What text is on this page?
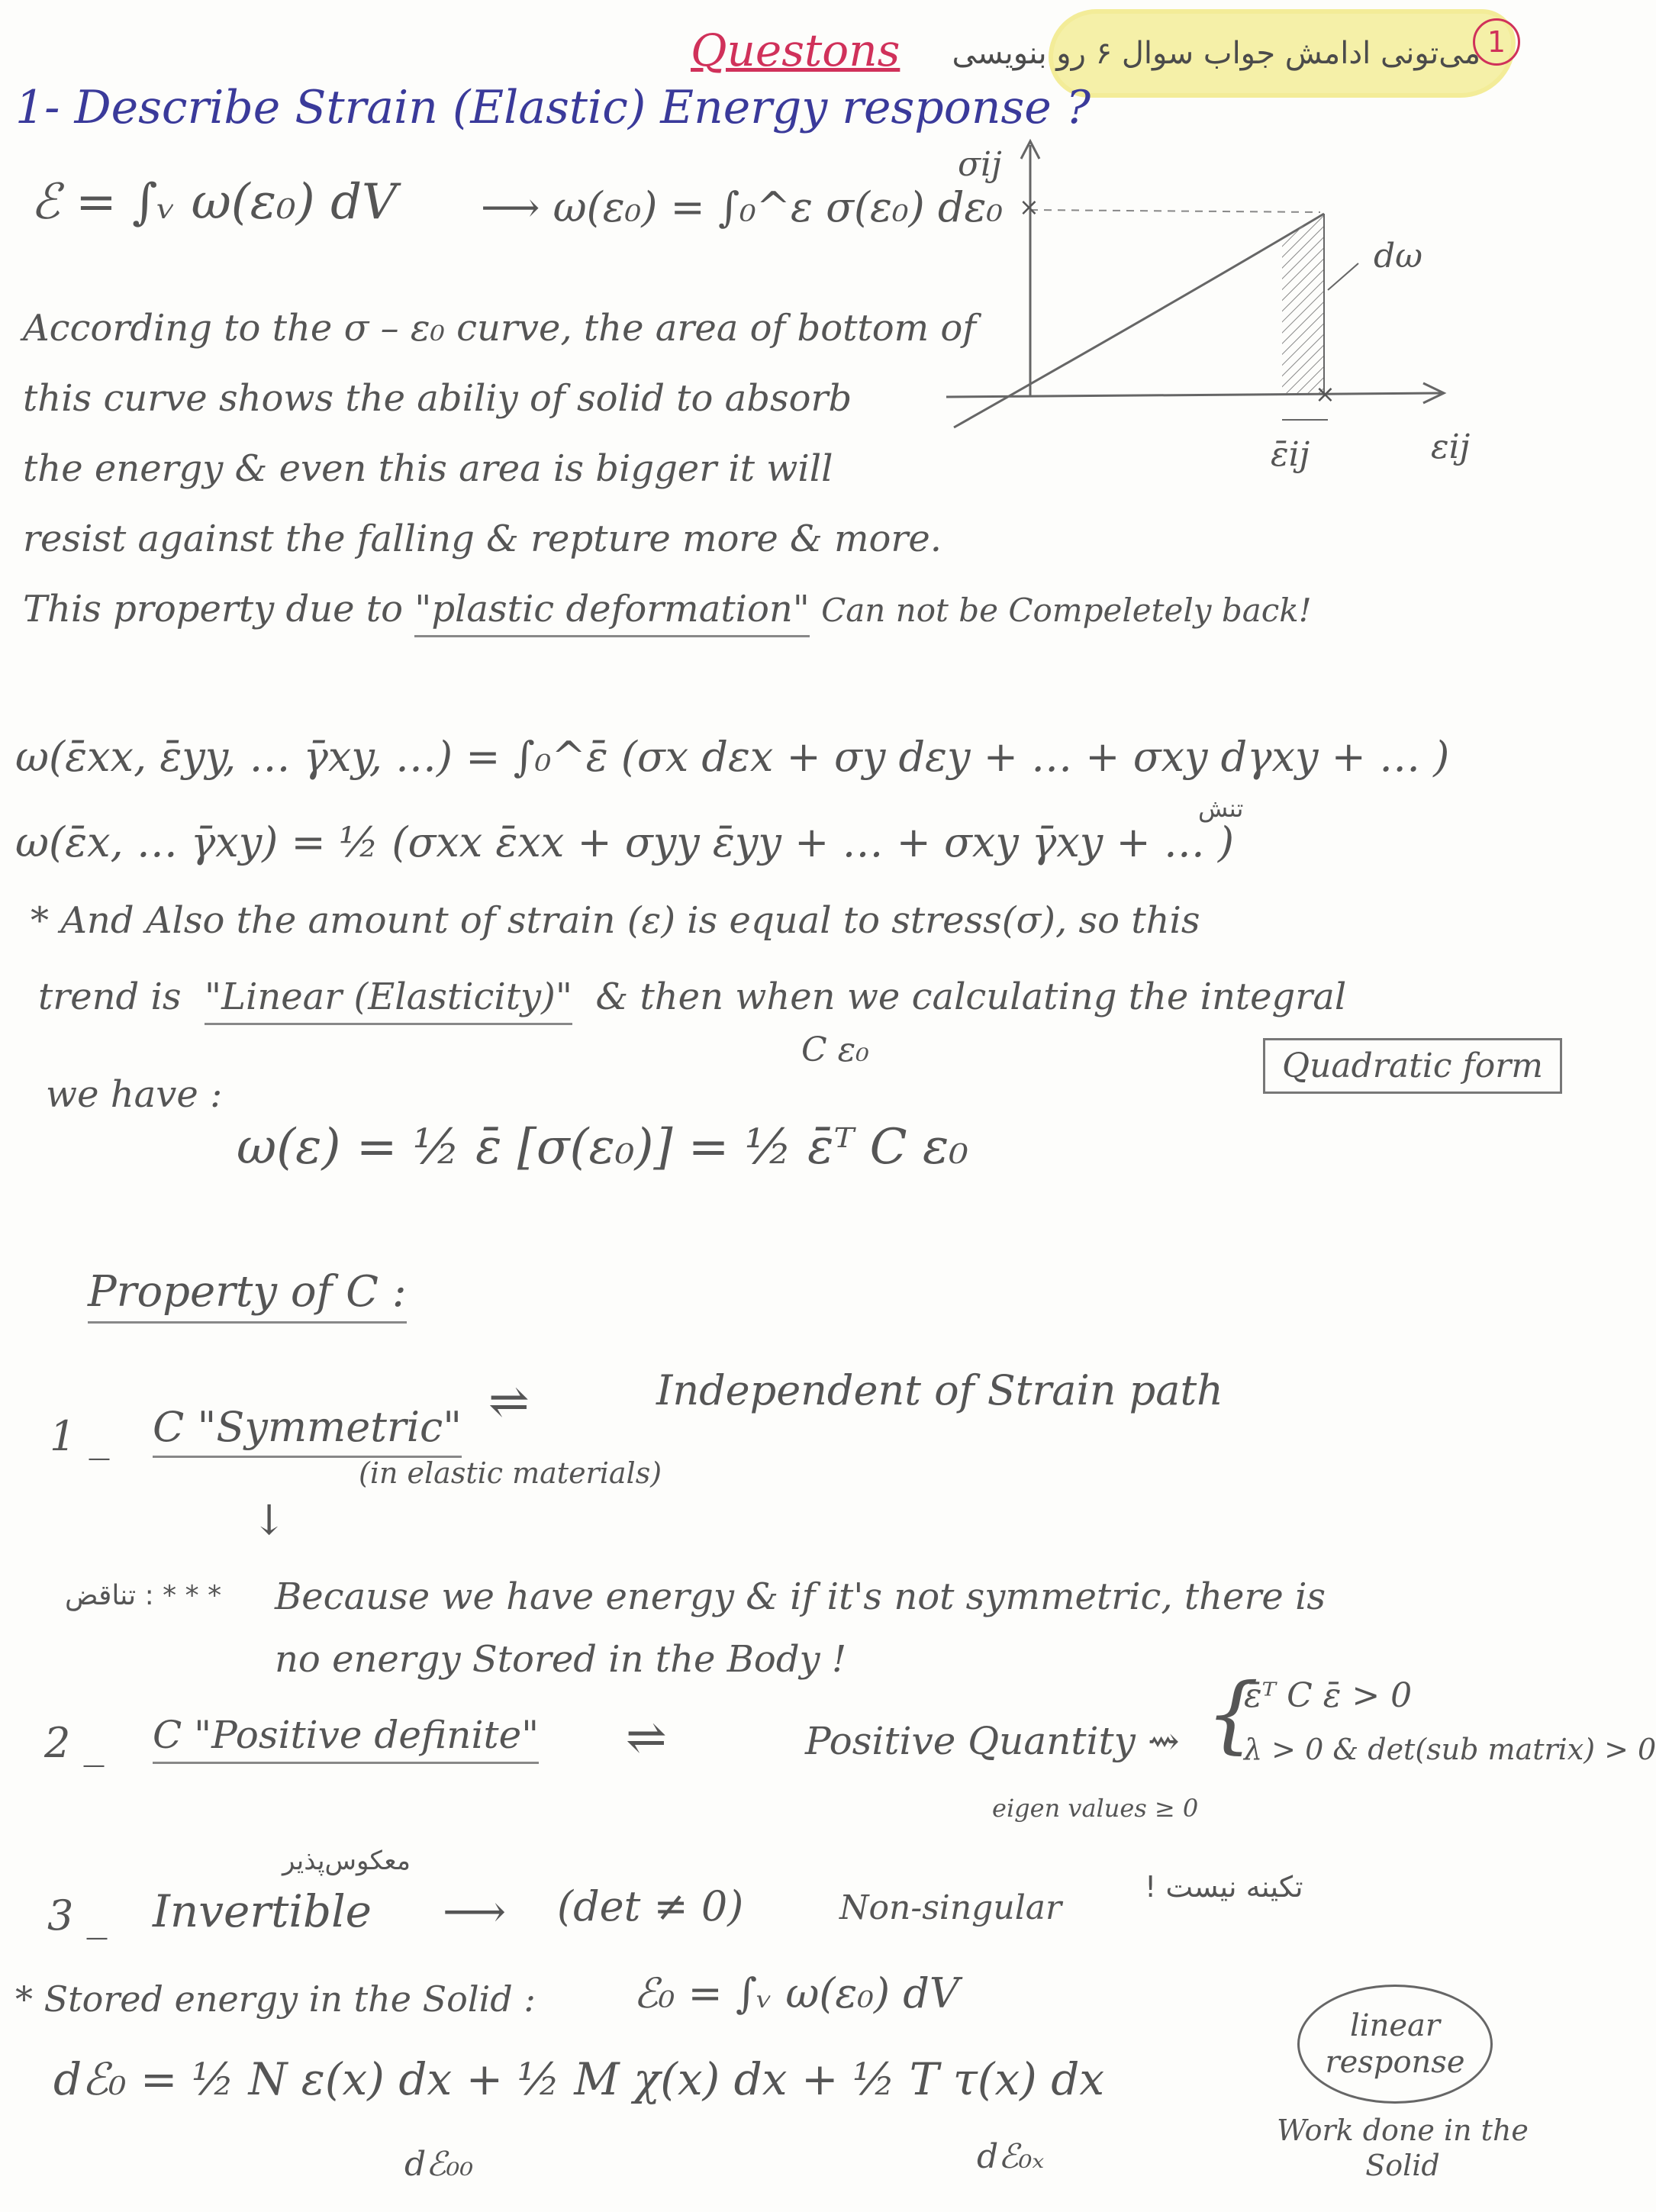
Questons می‌تونی ادامش جواب سوال ۶ رو بنویسی 1
1- Describe Strain (Elastic) Energy response ?
ℰ = ∫ᵥ ω(ε₀) dV ⟶ ω(ε₀) = ∫₀^ε σ(ε₀) dε₀ ×
×
σij
dω
ε̄ij	εij
According to the σ – ε₀ curve, the area of bottom of
this curve shows the abiliy of solid to absorb
the energy & even this area is bigger it will
resist against the falling & repture more & more.
This property due to "plastic deformation" Can not be Compeletely back!
ω(ε̄xx, ε̄yy, … γ̄xy, …) = ∫₀^ε̄ (σx dεx + σy dεy + … + σxy dγxy + … )
تنش
ω(ε̄x, … γ̄xy) = ½ (σxx ε̄xx + σyy ε̄yy + … + σxy γ̄xy + … )
* And Also the amount of strain (ε) is equal to stress(σ), so this
trend is "Linear (Elasticity)" & then when we calculating the integral
we have :
C ε₀	Quadratic form
ω(ε) = ½ ε̄ [σ(ε₀)] = ½ ε̄ᵀ C ε₀
Property of C :
1 _ C "Symmetric"
(in elastic materials)
⇌	Independent of Strain path
↓
* * * : تناقض Because we have energy & if it's not symmetric, there is
no energy Stored in the Body !
2 _ C "Positive definite" ⇌	Positive Quantity ⇝ {
ε̄ᵀ C ε̄ > 0
λ > 0 & det(sub matrix) > 0
eigen values ≥ 0
معکوس‌پذیر
3 _ Invertible ⟶ (det ≠ 0)	Non-singular
تکینه نیست !
* Stored energy in the Solid : ℰ₀ = ∫ᵥ ω(ε₀) dV
dℰ₀ = ½ N ε(x) dx + ½ M χ(x) dx + ½ T τ(x) dx
dℰ₀₀	dℰ₀ₓ
linear response
Work done in the Solid
